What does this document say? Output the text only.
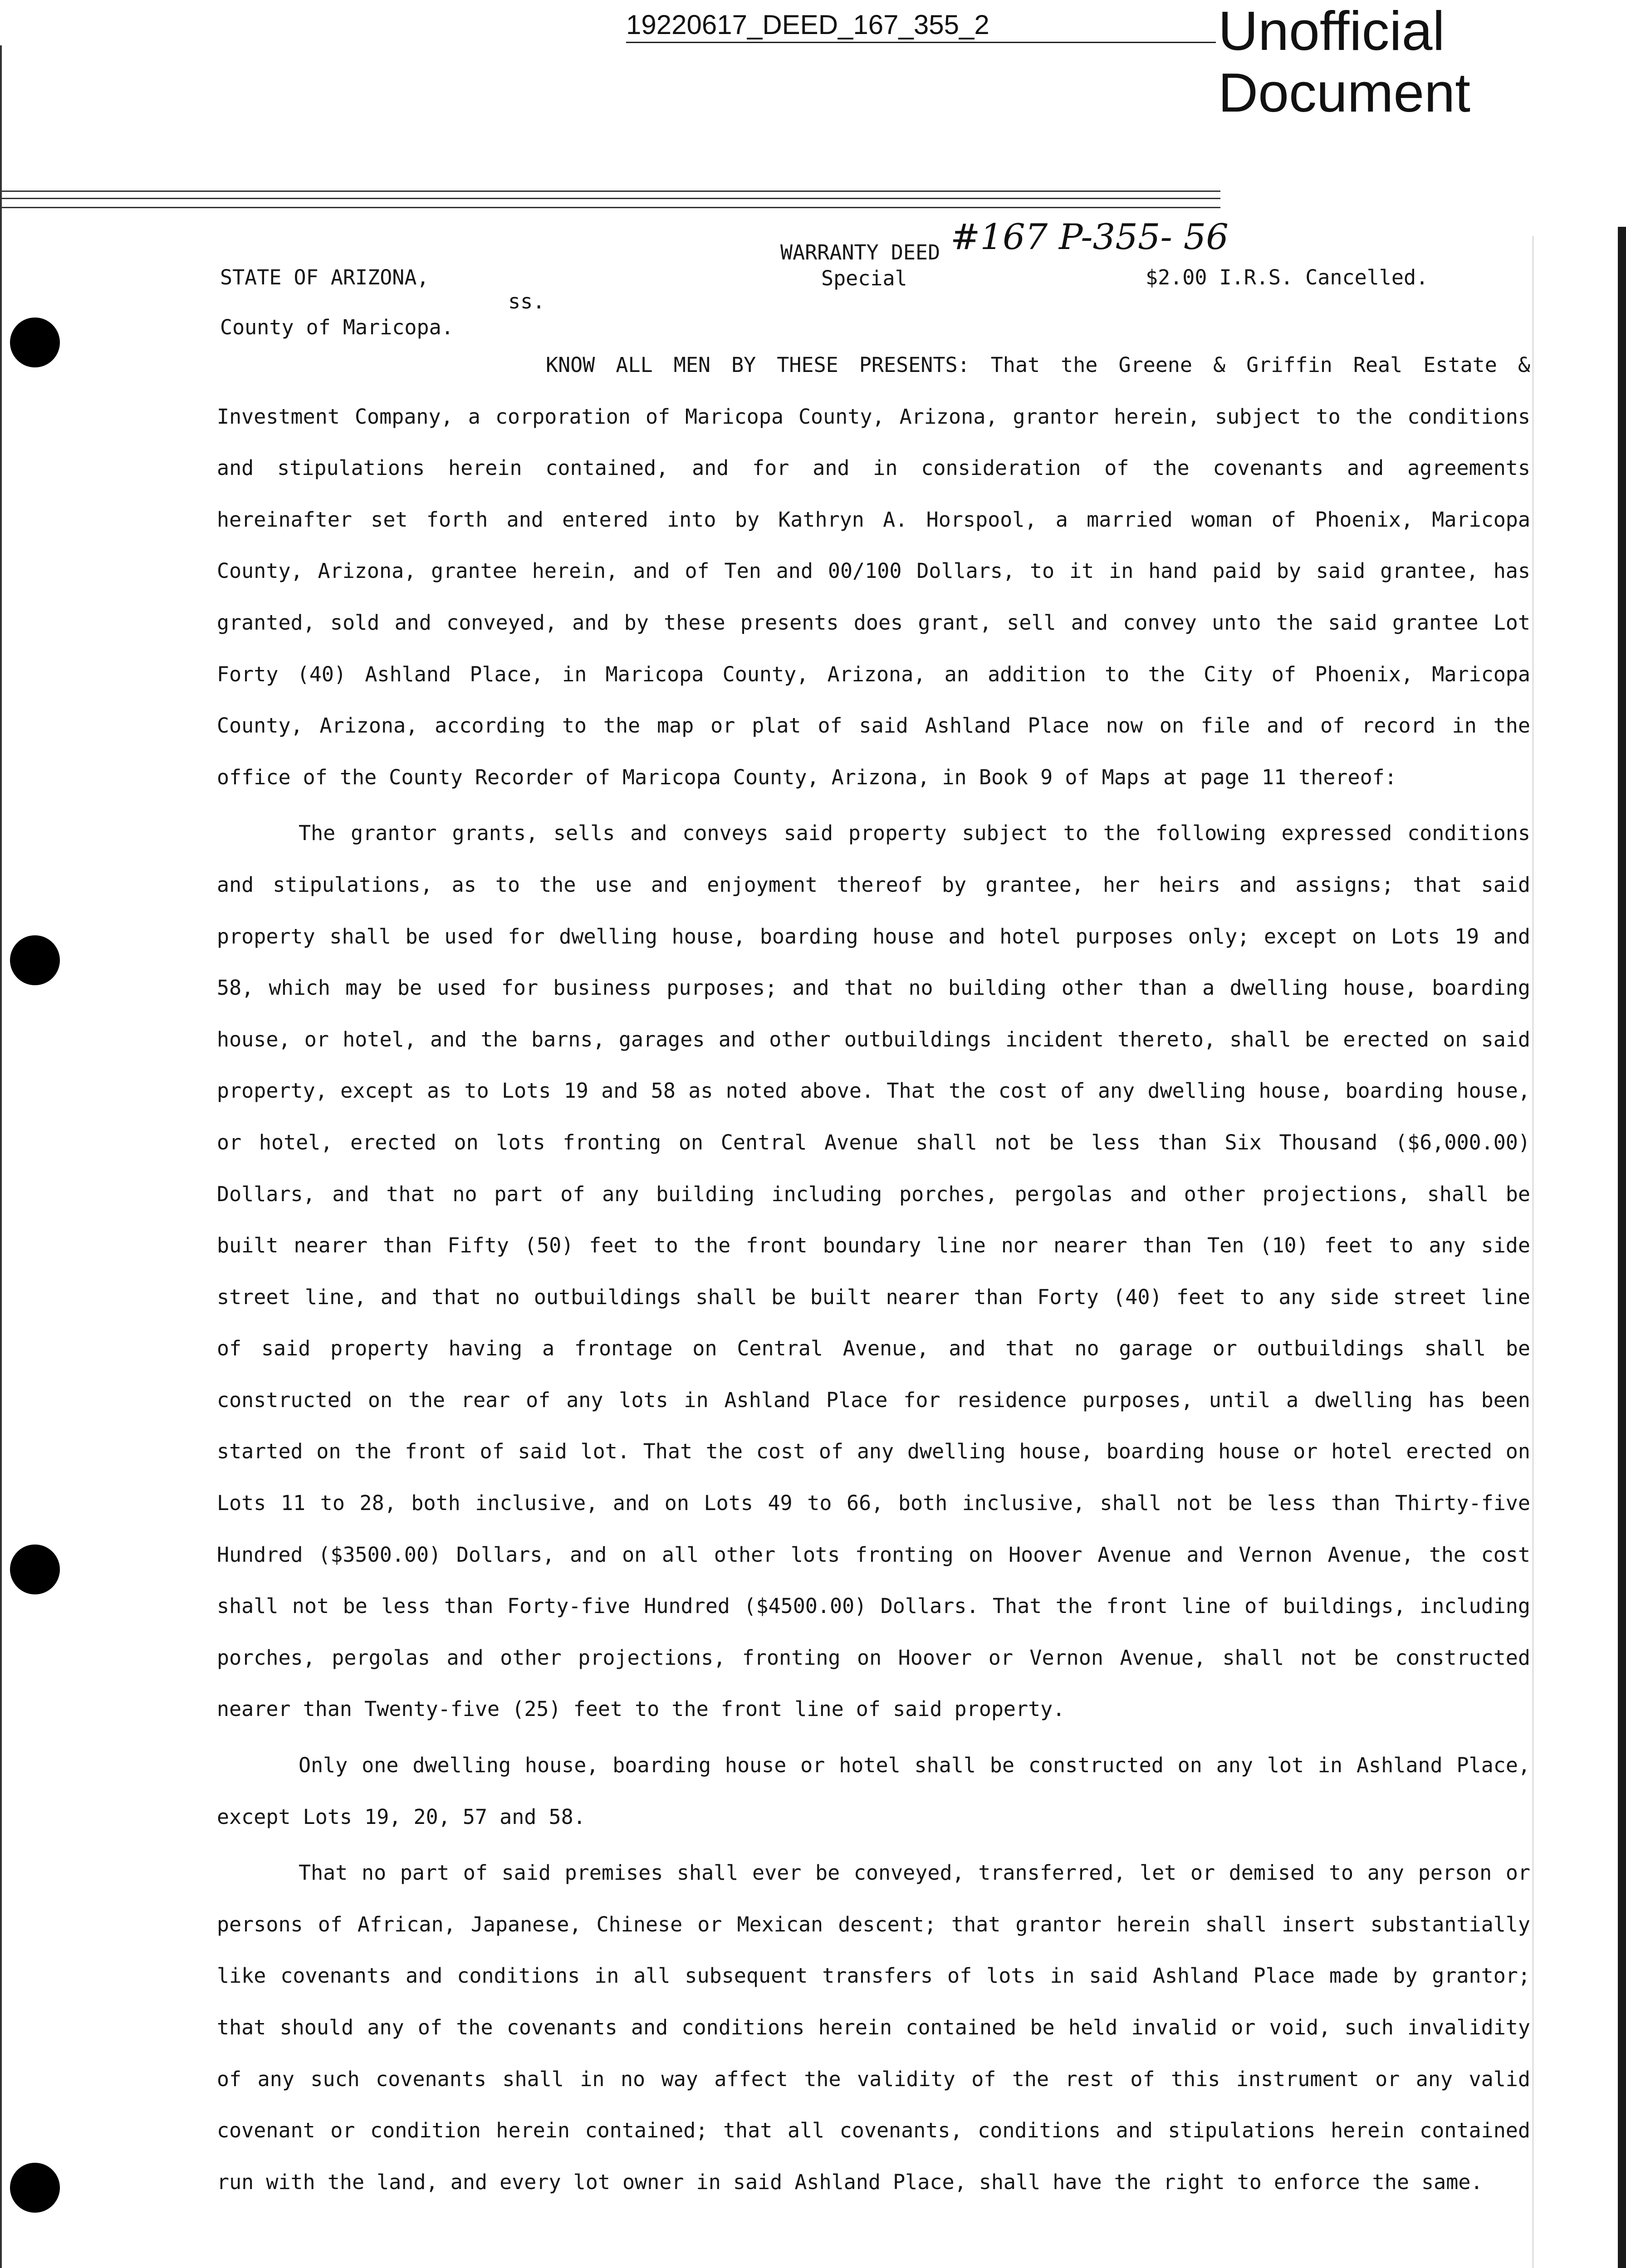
19220617_DEED_167_355_2	Unofficial
Document
STATE OF ARIZONA,
ss.
County of Maricopa.
WARRANTY DEED
Special
#167 P-355- 56
$2.00 I.R.S. Cancelled.

KNOW ALL MEN BY THESE PRESENTS: That the Greene & Griffin Real Estate & Investment Company, a corporation of Maricopa County, Arizona, grantor herein, subject to the conditions and stipulations herein contained, and for and in consideration of the covenants and agreements hereinafter set forth and entered into by Kathryn A. Horspool, a married woman of Phoenix, Maricopa County, Arizona, grantee herein, and of Ten and 00/100 Dollars, to it in hand paid by said grantee, has granted, sold and conveyed, and by these presents does grant, sell and convey unto the said grantee Lot Forty (40) Ashland Place, in Maricopa County, Arizona, an addition to the City of Phoenix, Maricopa County, Arizona, according to the map or plat of said Ashland Place now on file and of record in the office of the County Recorder of Maricopa County, Arizona, in Book 9 of Maps at page 11 thereof:

The grantor grants, sells and conveys said property subject to the following expressed conditions and stipulations, as to the use and enjoyment thereof by grantee, her heirs and assigns; that said property shall be used for dwelling house, boarding house and hotel purposes only; except on Lots 19 and 58, which may be used for business purposes; and that no building other than a dwelling house, boarding house, or hotel, and the barns, garages and other outbuildings incident thereto, shall be erected on said property, except as to Lots 19 and 58 as noted above. That the cost of any dwelling house, boarding house, or hotel, erected on lots fronting on Central Avenue shall not be less than Six Thousand ($6,000.00) Dollars, and that no part of any building including porches, pergolas and other projections, shall be built nearer than Fifty (50) feet to the front boundary line nor nearer than Ten (10) feet to any side street line, and that no outbuildings shall be built nearer than Forty (40) feet to any side street line of said property having a frontage on Central Avenue, and that no garage or outbuildings shall be constructed on the rear of any lots in Ashland Place for residence purposes, until a dwelling has been started on the front of said lot. That the cost of any dwelling house, boarding house or hotel erected on Lots 11 to 28, both inclusive, and on Lots 49 to 66, both inclusive, shall not be less than Thirty-five Hundred ($3500.00) Dollars, and on all other lots fronting on Hoover Avenue and Vernon Avenue, the cost shall not be less than Forty-five Hundred ($4500.00) Dollars. That the front line of buildings, including porches, pergolas and other projections, fronting on Hoover or Vernon Avenue, shall not be constructed nearer than Twenty-five (25) feet to the front line of said property.

Only one dwelling house, boarding house or hotel shall be constructed on any lot in Ashland Place, except Lots 19, 20, 57 and 58.

That no part of said premises shall ever be conveyed, transferred, let or demised to any person or persons of African, Japanese, Chinese or Mexican descent; that grantor herein shall insert substantially like covenants and conditions in all subsequent transfers of lots in said Ashland Place made by grantor; that should any of the covenants and conditions herein contained be held invalid or void, such invalidity of any such covenants shall in no way affect the validity of the rest of this instrument or any valid covenant or condition herein contained; that all covenants, conditions and stipulations herein contained run with the land, and every lot owner in said Ashland Place, shall have the right to enforce the same.
